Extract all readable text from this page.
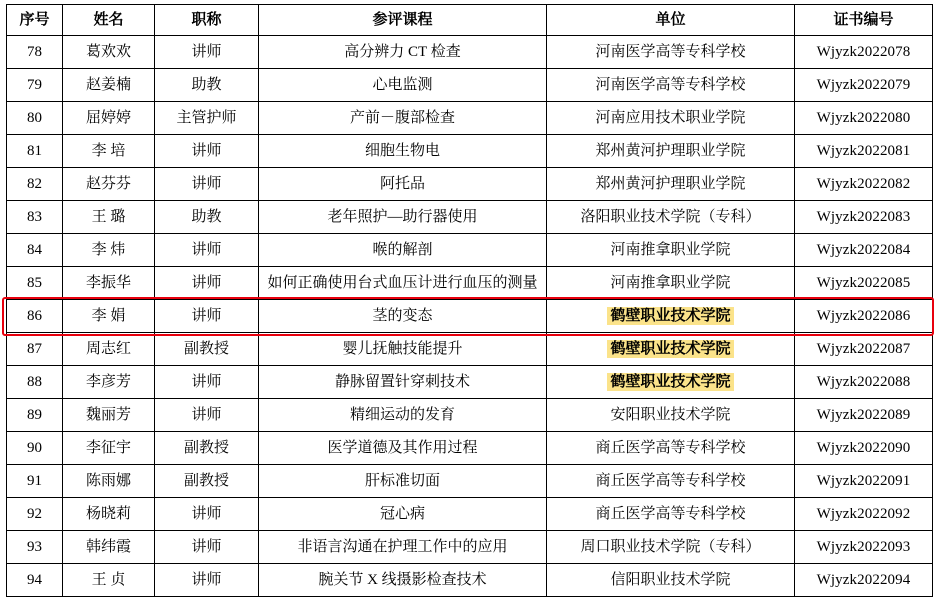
序号	姓名	职称	参评课程	单位	证书编号
78	葛欢欢	讲师	高分辨力 CT 检查	河南医学高等专科学校	Wjyzk2022078
79	赵姜楠	助教	心电监测	河南医学高等专科学校	Wjyzk2022079
80	屈婷婷	主管护师	产前－腹部检查	河南应用技术职业学院	Wjyzk2022080
81	李 培	讲师	细胞生物电	郑州黄河护理职业学院	Wjyzk2022081
82	赵芬芬	讲师	阿托品	郑州黄河护理职业学院	Wjyzk2022082
83	王 璐	助教	老年照护—助行器使用	洛阳职业技术学院（专科）	Wjyzk2022083
84	李 炜	讲师	喉的解剖	河南推拿职业学院	Wjyzk2022084
85	李振华	讲师	如何正确使用台式血压计进行血压的测量	河南推拿职业学院	Wjyzk2022085
86	李 娟	讲师	茎的变态	鹤壁职业技术学院	Wjyzk2022086
87	周志红	副教授	婴儿抚触技能提升	鹤壁职业技术学院	Wjyzk2022087
88	李彦芳	讲师	静脉留置针穿刺技术	鹤壁职业技术学院	Wjyzk2022088
89	魏丽芳	讲师	精细运动的发育	安阳职业技术学院	Wjyzk2022089
90	李征宇	副教授	医学道德及其作用过程	商丘医学高等专科学校	Wjyzk2022090
91	陈雨娜	副教授	肝标准切面	商丘医学高等专科学校	Wjyzk2022091
92	杨晓莉	讲师	冠心病	商丘医学高等专科学校	Wjyzk2022092
93	韩纬霞	讲师	非语言沟通在护理工作中的应用	周口职业技术学院（专科）	Wjyzk2022093
94	王 贞	讲师	腕关节 X 线摄影检查技术	信阳职业技术学院	Wjyzk2022094
